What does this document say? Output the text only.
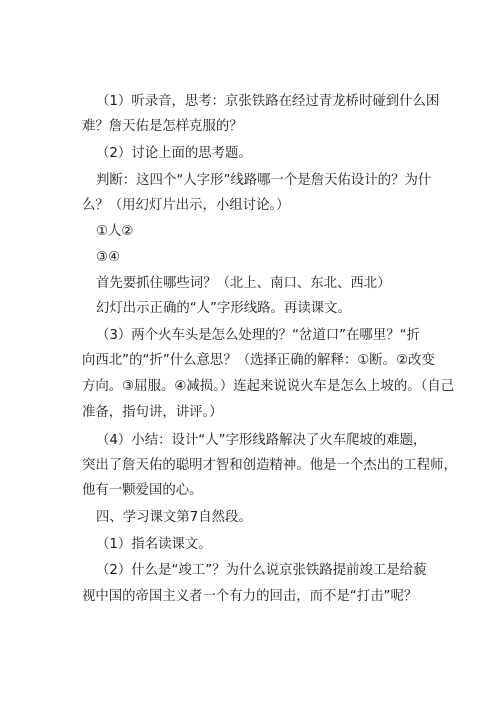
（1）听录音，思考：京张铁路在经过青龙桥时碰到什么困
难？詹天佑是怎样克服的？
（2）讨论上面的思考题。
判断：这四个“人字形”线路哪一个是詹天佑设计的？为什
么？（用幻灯片出示，小组讨论。）
①人②
③④
首先要抓住哪些词？（北上、南口、东北、西北）
幻灯出示正确的“人”字形线路。再读课文。
（3）两个火车头是怎么处理的？“岔道口”在哪里？“折
向西北”的“折”什么意思？（选择正确的解释：①断。②改变
方向。③屈服。④减损。）连起来说说火车是怎么上坡的。（自己
准备，指句讲，讲评。）
（4）小结：设计“人”字形线路解决了火车爬坡的难题，
突出了詹天佑的聪明才智和创造精神。他是一个杰出的工程师，
他有一颗爱国的心。
四、学习课文第7自然段。
（1）指名读课文。
（2）什么是“竣工”？为什么说京张铁路提前竣工是给藐
视中国的帝国主义者一个有力的回击，而不是“打击”呢？
